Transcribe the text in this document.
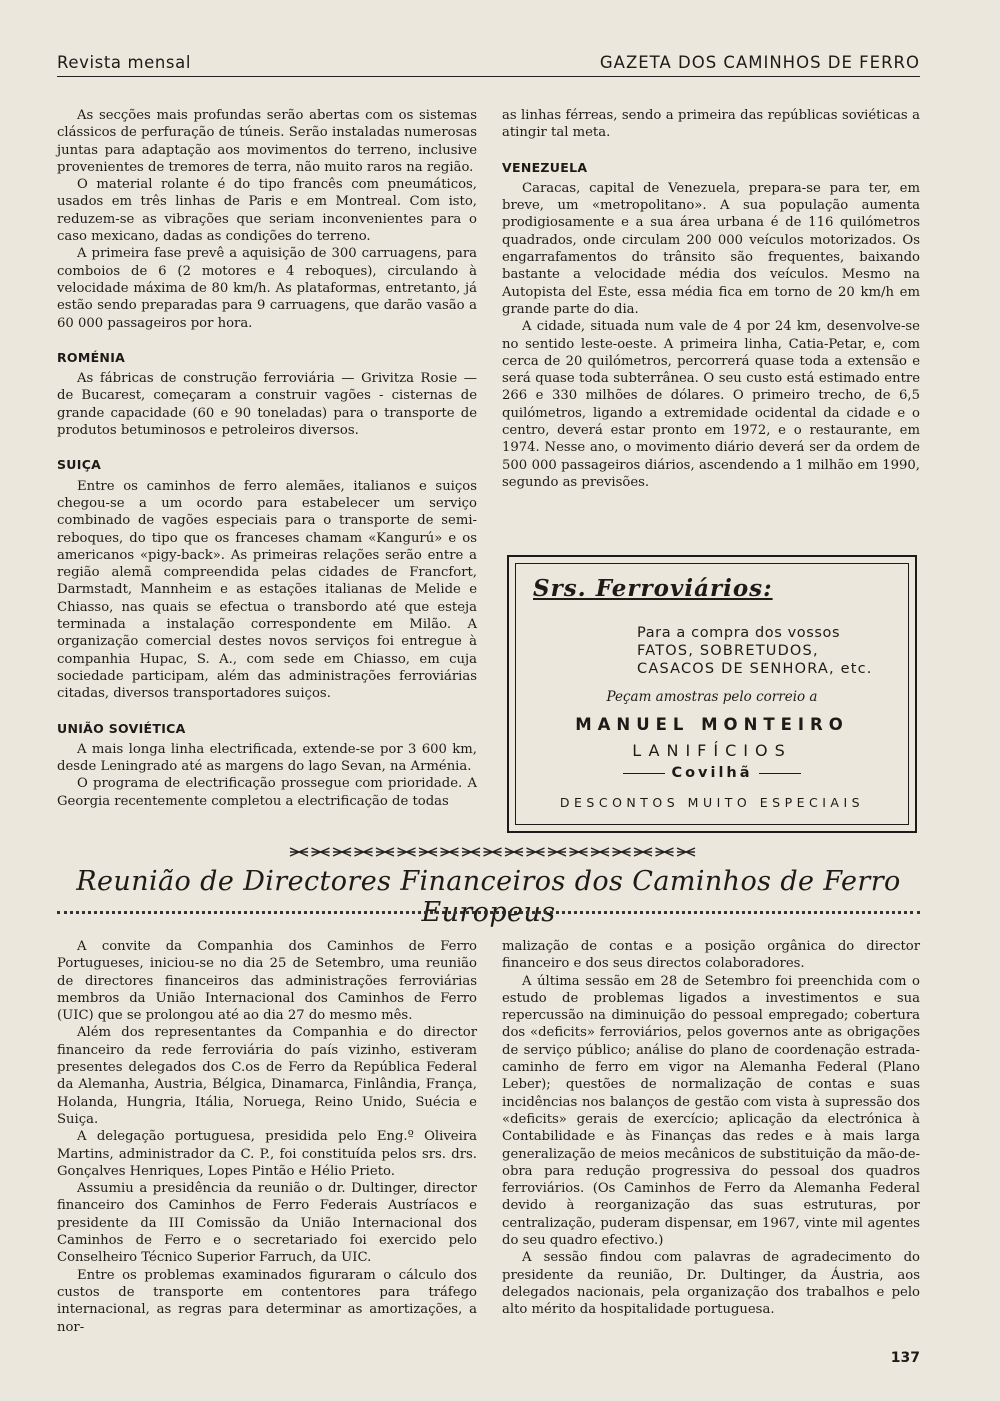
Revista mensal	GAZETA DOS CAMINHOS DE FERRO

As secções mais profundas serão abertas com os sistemas clássicos de perfuração de túneis. Serão instaladas numerosas juntas para adaptação aos movimentos do terreno, inclusive provenientes de tremores de terra, não muito raros na região.

O material rolante é do tipo francês com pneumáticos, usados em três linhas de Paris e em Montreal. Com isto, reduzem-se as vibrações que seriam inconvenientes para o caso mexicano, dadas as condições do terreno.

A primeira fase prevê a aquisição de 300 carruagens, para comboios de 6 (2 motores e 4 reboques), circulando à velocidade máxima de 80 km/h. As plataformas, entretanto, já estão sendo preparadas para 9 carruagens, que darão vasão a 60 000 passageiros por hora.

ROMÉNIA

As fábricas de construção ferroviária — Grivitza Rosie — de Bucarest, começaram a construir vagões - cisternas de grande capacidade (60 e 90 toneladas) para o transporte de produtos betuminosos e petroleiros diversos.

SUIÇA

Entre os caminhos de ferro alemães, italianos e suiços chegou-se a um ocordo para estabelecer um serviço combinado de vagões especiais para o transporte de semi-reboques, do tipo que os franceses chamam «Kangurú» e os americanos «pigy-back». As primeiras relações serão entre a região alemã compreendida pelas cidades de Francfort, Darmstadt, Mannheim e as estações italianas de Melide e Chiasso, nas quais se efectua o transbordo até que esteja terminada a instalação correspondente em Milão. A organização comercial destes novos serviços foi entregue à companhia Hupac, S. A., com sede em Chiasso, em cuja sociedade participam, além das administrações ferroviárias citadas, diversos transportadores suiços.

UNIÃO SOVIÉTICA

A mais longa linha electrificada, extende-se por 3 600 km, desde Leningrado até as margens do lago Sevan, na Arménia.

O programa de electrificação prossegue com prioridade. A Georgia recentemente completou a electrificação de todas

as linhas férreas, sendo a primeira das repúblicas soviéticas a atingir tal meta.

VENEZUELA

Caracas, capital de Venezuela, prepara-se para ter, em breve, um «metropolitano». A sua população aumenta prodigiosamente e a sua área urbana é de 116 quilómetros quadrados, onde circulam 200 000 veículos motorizados. Os engarrafamentos do trânsito são frequentes, baixando bastante a velocidade média dos veículos. Mesmo na Autopista del Este, essa média fica em torno de 20 km/h em grande parte do dia.

A cidade, situada num vale de 4 por 24 km, desenvolve-se no sentido leste-oeste. A primeira linha, Catia-Petar, e, com cerca de 20 quilómetros, percorrerá quase toda a extensão e será quase toda subterrânea. O seu custo está estimado entre 266 e 330 milhões de dólares. O primeiro trecho, de 6,5 quilómetros, ligando a extremidade ocidental da cidade e o centro, deverá estar pronto em 1972, e o restaurante, em 1974. Nesse ano, o movimento diário deverá ser da ordem de 500 000 passageiros diários, ascendendo a 1 milhão em 1990, segundo as previsões.

Srs. Ferroviários:
Para a compra dos vossos
FATOS, SOBRETUDOS,
CASACOS DE SENHORA, etc.
Peçam amostras pelo correio a
MANUEL MONTEIRO
LANIFÍCIOS
Covilhã
DESCONTOS MUITO ESPECIAIS
Reunião de Directores Financeiros dos Caminhos de Ferro Europeus

A convite da Companhia dos Caminhos de Ferro Portugueses, iniciou-se no dia 25 de Setembro, uma reunião de directores financeiros das administrações ferroviárias membros da União Internacional dos Caminhos de Ferro (UIC) que se prolongou até ao dia 27 do mesmo mês.

Além dos representantes da Companhia e do director financeiro da rede ferroviária do país vizinho, estiveram presentes delegados dos C.os de Ferro da República Federal da Alemanha, Austria, Bélgica, Dinamarca, Finlândia, França, Holanda, Hungria, Itália, Noruega, Reino Unido, Suécia e Suiça.

A delegação portuguesa, presidida pelo Eng.º Oliveira Martins, administrador da C. P., foi constituída pelos srs. drs. Gonçalves Henriques, Lopes Pintão e Hélio Prieto.

Assumiu a presidência da reunião o dr. Dultinger, director financeiro dos Caminhos de Ferro Federais Austríacos e presidente da III Comissão da União Internacional dos Caminhos de Ferro e o secretariado foi exercido pelo Conselheiro Técnico Superior Farruch, da UIC.

Entre os problemas examinados figuraram o cálculo dos custos de transporte em contentores para tráfego internacional, as regras para determinar as amortizações, a nor-

malização de contas e a posição orgânica do director financeiro e dos seus directos colaboradores.

A última sessão em 28 de Setembro foi preenchida com o estudo de problemas ligados a investimentos e sua repercussão na diminuição do pessoal empregado; cobertura dos «deficits» ferroviários, pelos governos ante as obrigações de serviço público; análise do plano de coordenação estrada-caminho de ferro em vigor na Alemanha Federal (Plano Leber); questões de normalização de contas e suas incidências nos balanços de gestão com vista à supressão dos «deficits» gerais de exercício; aplicação da electrónica à Contabilidade e às Finanças das redes e à mais larga generalização de meios mecânicos de substituição da mão-de-obra para redução progressiva do pessoal dos quadros ferroviários. (Os Caminhos de Ferro da Alemanha Federal devido à reorganização das suas estruturas, por centralização, puderam dispensar, em 1967, vinte mil agentes do seu quadro efectivo.)

A sessão findou com palavras de agradecimento do presidente da reunião, Dr. Dultinger, da Áustria, aos delegados nacionais, pela organização dos trabalhos e pelo alto mérito da hospitalidade portuguesa.

137
